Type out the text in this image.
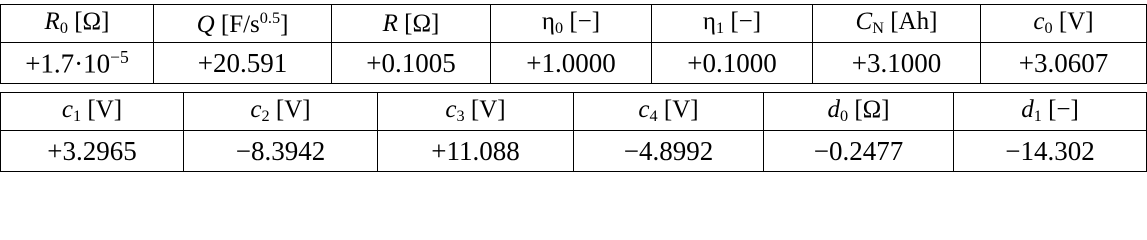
$R_0$ [Ω]	Q $[F/s^{0.5}]$	R [Ω]	$\eta_0$ [−]	$\eta_1$ [−]	$C_N$ [Ah]	$c_0$ [V]
$+1.7\cdot 10^{-5}$	+20.591	+0.1005	+1.0000	+0.1000	+3.1000	+3.0607
$c_1$ [V]	$c_2$ [V]	$c_3$ [V]	$c_4$ [V]	$d_0$ [Ω]	$d_1$ [−]
+3.2965	−8.3942	+11.088	−4.8992	−0.2477	−14.302
